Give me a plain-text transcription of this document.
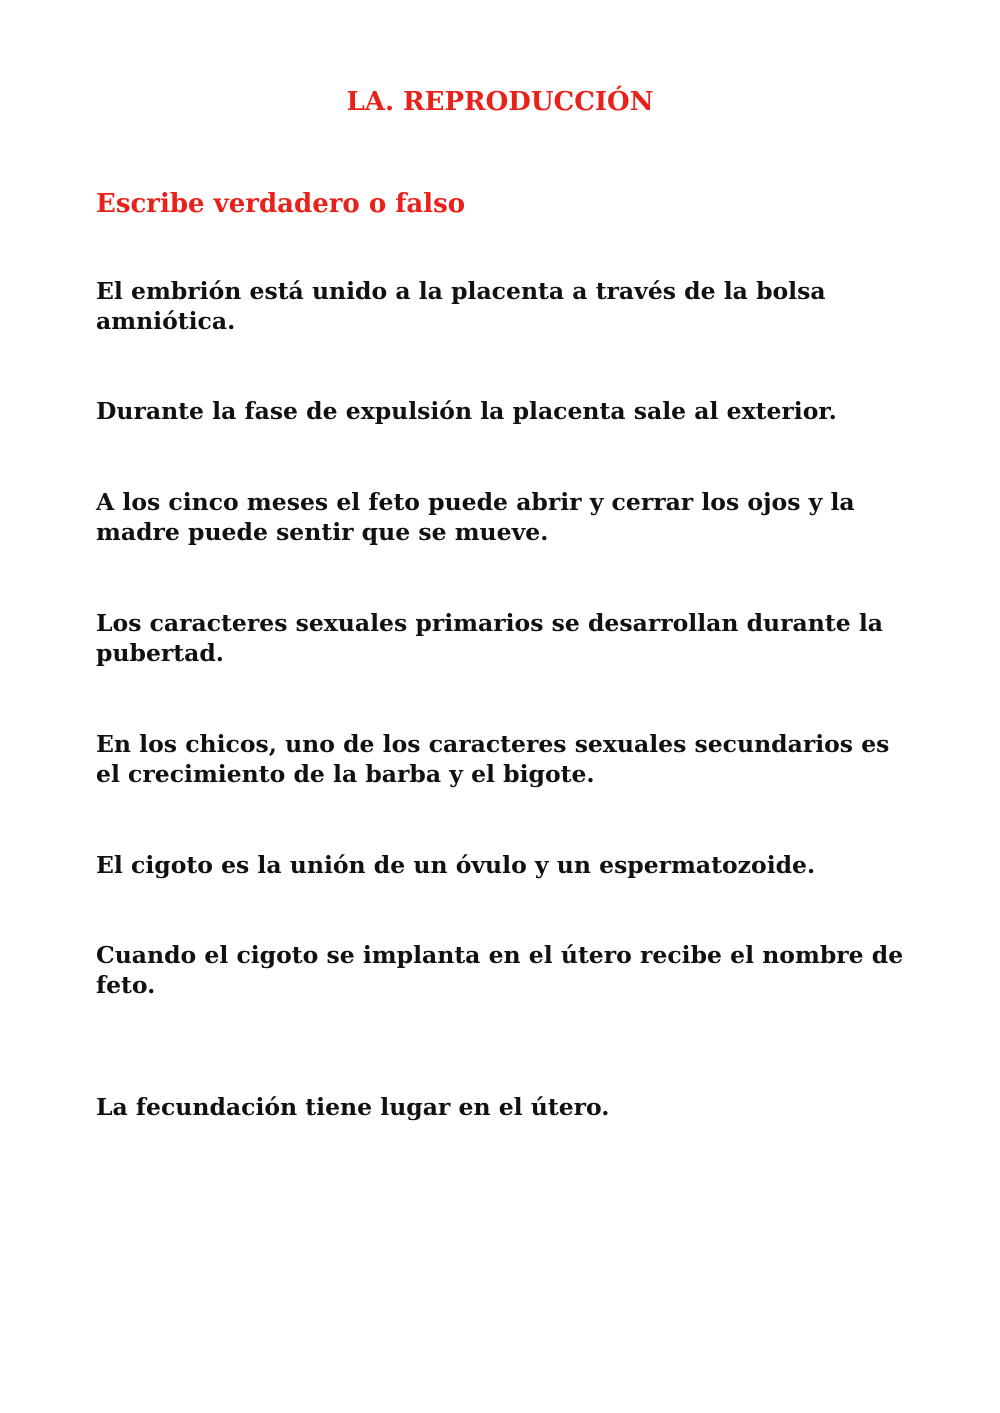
LA. REPRODUCCIÓN
Escribe verdadero o falso

El embrión está unido a la placenta a través de la bolsa amniótica.

Durante la fase de expulsión la placenta sale al exterior.

A los cinco meses el feto puede abrir y cerrar los ojos y la madre puede sentir que se mueve.

Los caracteres sexuales primarios se desarrollan durante la pubertad.

En los chicos, uno de los caracteres sexuales secundarios es el crecimiento de la barba y el bigote.

El cigoto es la unión de un óvulo y un espermatozoide.

Cuando el cigoto se implanta en el útero recibe el nombre de feto.

La fecundación tiene lugar en el útero.
